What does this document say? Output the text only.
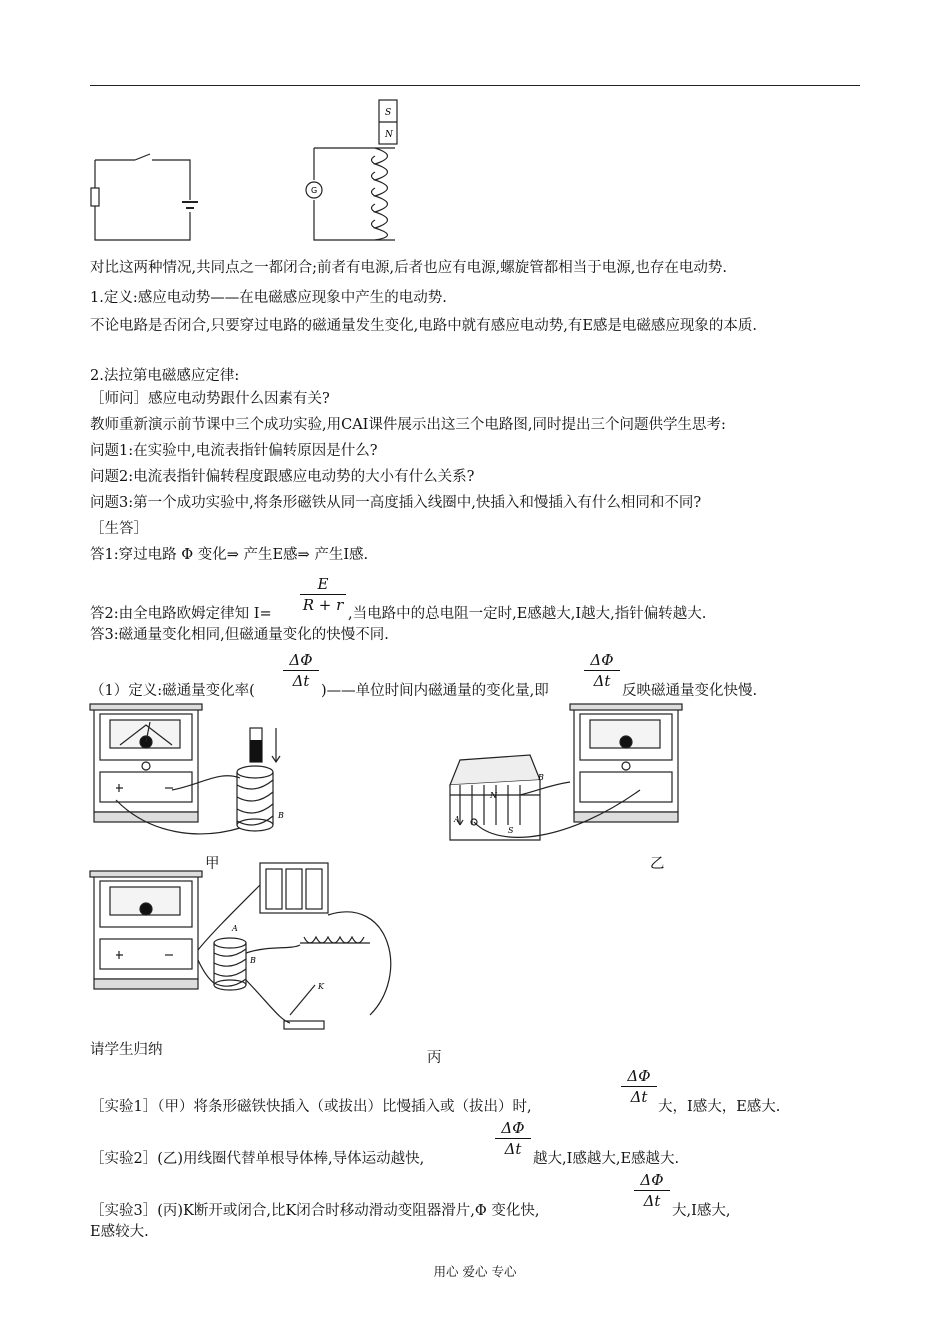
S
N
G
对比这两种情况,共同点之一都闭合;前者有电源,后者也应有电源,螺旋管都相当于电源,也存在电动势.
1.定义:感应电动势——在电磁感应现象中产生的电动势.
不论电路是否闭合,只要穿过电路的磁通量发生变化,电路中就有感应电动势,有E感是电磁感应现象的本质.
2.法拉第电磁感应定律:
［师问］感应电动势跟什么因素有关?
教师重新演示前节课中三个成功实验,用CAI课件展示出这三个电路图,同时提出三个问题供学生思考:
问题1:在实验中,电流表指针偏转原因是什么?
问题2:电流表指针偏转程度跟感应电动势的大小有什么关系?
问题3:第一个成功实验中,将条形磁铁从同一高度插入线圈中,快插入和慢插入有什么相同和不同?
［生答］
答1:穿过电路 Φ 变化⇒ 产生E感⇒ 产生I感.
$\frac{E}{R + r}$
答2:由全电路欧姆定律知 I=	,当电路中的总电阻一定时,E感越大,I越大,指针偏转越大.
答3:磁通量变化相同,但磁通量变化的快慢不同.
$\frac{\Delta\Phi}{\Delta t}$	$\frac{\Delta\Phi}{\Delta t}$
（1）定义:磁通量变化率(	)——单位时间内磁通量的变化量,即	反映磁通量变化快慢.
B
甲
N
S
A
B
乙
A
B
K
请学生归纳	丙
$\frac{\Delta\Phi}{\Delta t}$
［实验1］（甲）将条形磁铁快插入（或拔出）比慢插入或（拔出）时,	大，I感大，E感大.
$\frac{\Delta\Phi}{\Delta t}$
［实验2］(乙)用线圈代替单根导体棒,导体运动越快,	越大,I感越大,E感越大.
$\frac{\Delta\Phi}{\Delta t}$
［实验3］(丙)K断开或闭合,比K闭合时移动滑动变阻器滑片,Φ 变化快,	大,I感大,
E感较大.
用心 爱心 专心
